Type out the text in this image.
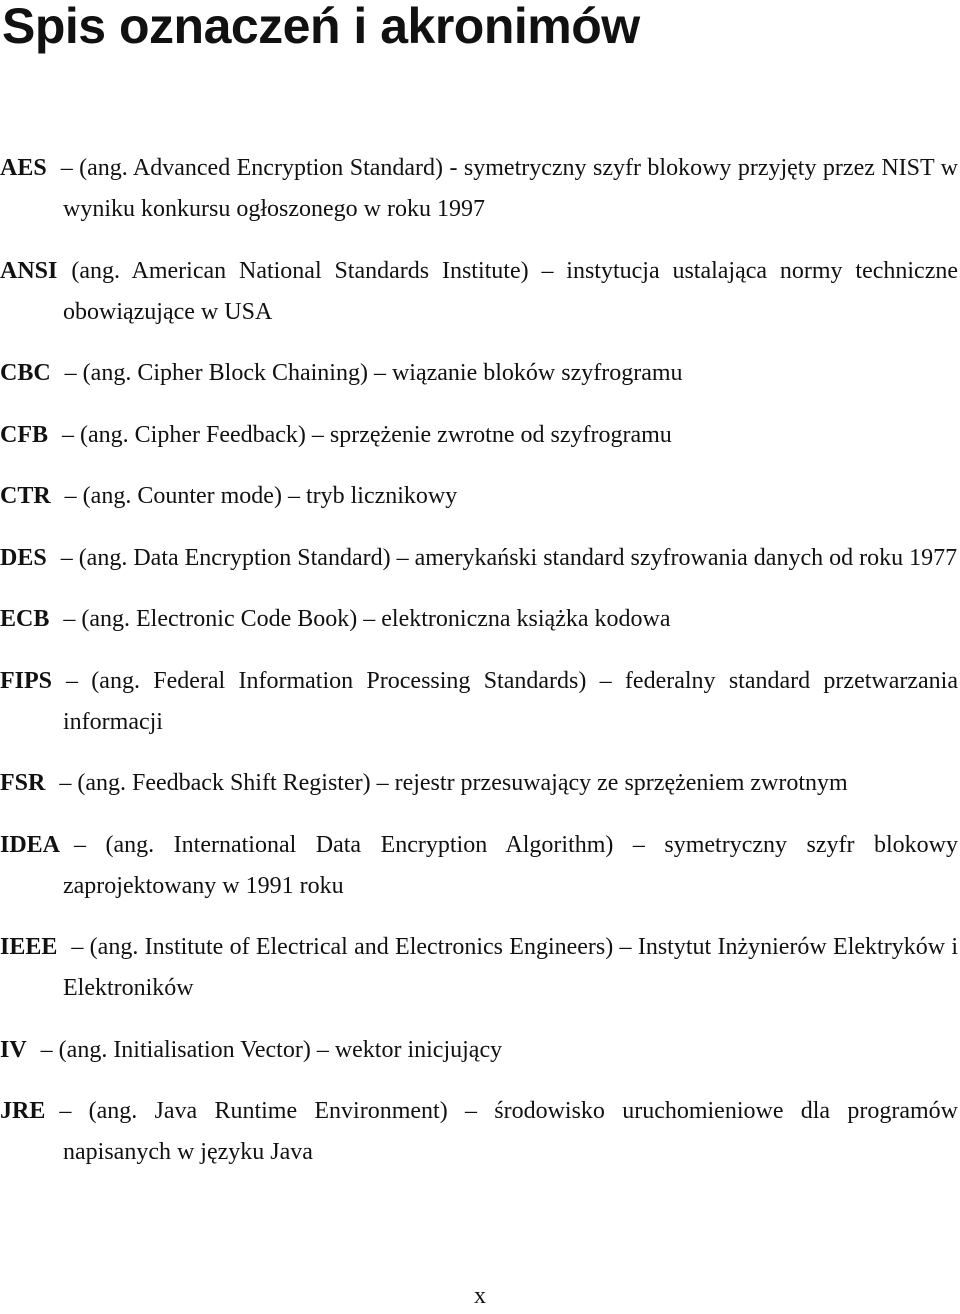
Spis oznaczeń i akronimów
AES – (ang. Advanced Encryption Standard) - symetryczny szyfr blokowy przyjęty przez NIST w wyniku konkursu ogłoszonego w roku 1997
ANSI (ang. American National Standards Institute) – instytucja ustalająca normy techniczne obowiązujące w USA
CBC – (ang. Cipher Block Chaining) – wiązanie bloków szyfrogramu
CFB – (ang. Cipher Feedback) – sprzężenie zwrotne od szyfrogramu
CTR – (ang. Counter mode) – tryb licznikowy
DES – (ang. Data Encryption Standard) – amerykański standard szyfrowania danych od roku 1977
ECB – (ang. Electronic Code Book) – elektroniczna książka kodowa
FIPS – (ang. Federal Information Processing Standards) – federalny standard przetwarzania informacji
FSR – (ang. Feedback Shift Register) – rejestr przesuwający ze sprzężeniem zwrotnym
IDEA – (ang. International Data Encryption Algorithm) – symetryczny szyfr blokowy zaprojektowany w 1991 roku
IEEE – (ang. Institute of Electrical and Electronics Engineers) – Instytut Inżynierów Elektryków i Elektroników
IV – (ang. Initialisation Vector) – wektor inicjujący
JRE – (ang. Java Runtime Environment) – środowisko uruchomieniowe dla programów napisanych w języku Java

x
